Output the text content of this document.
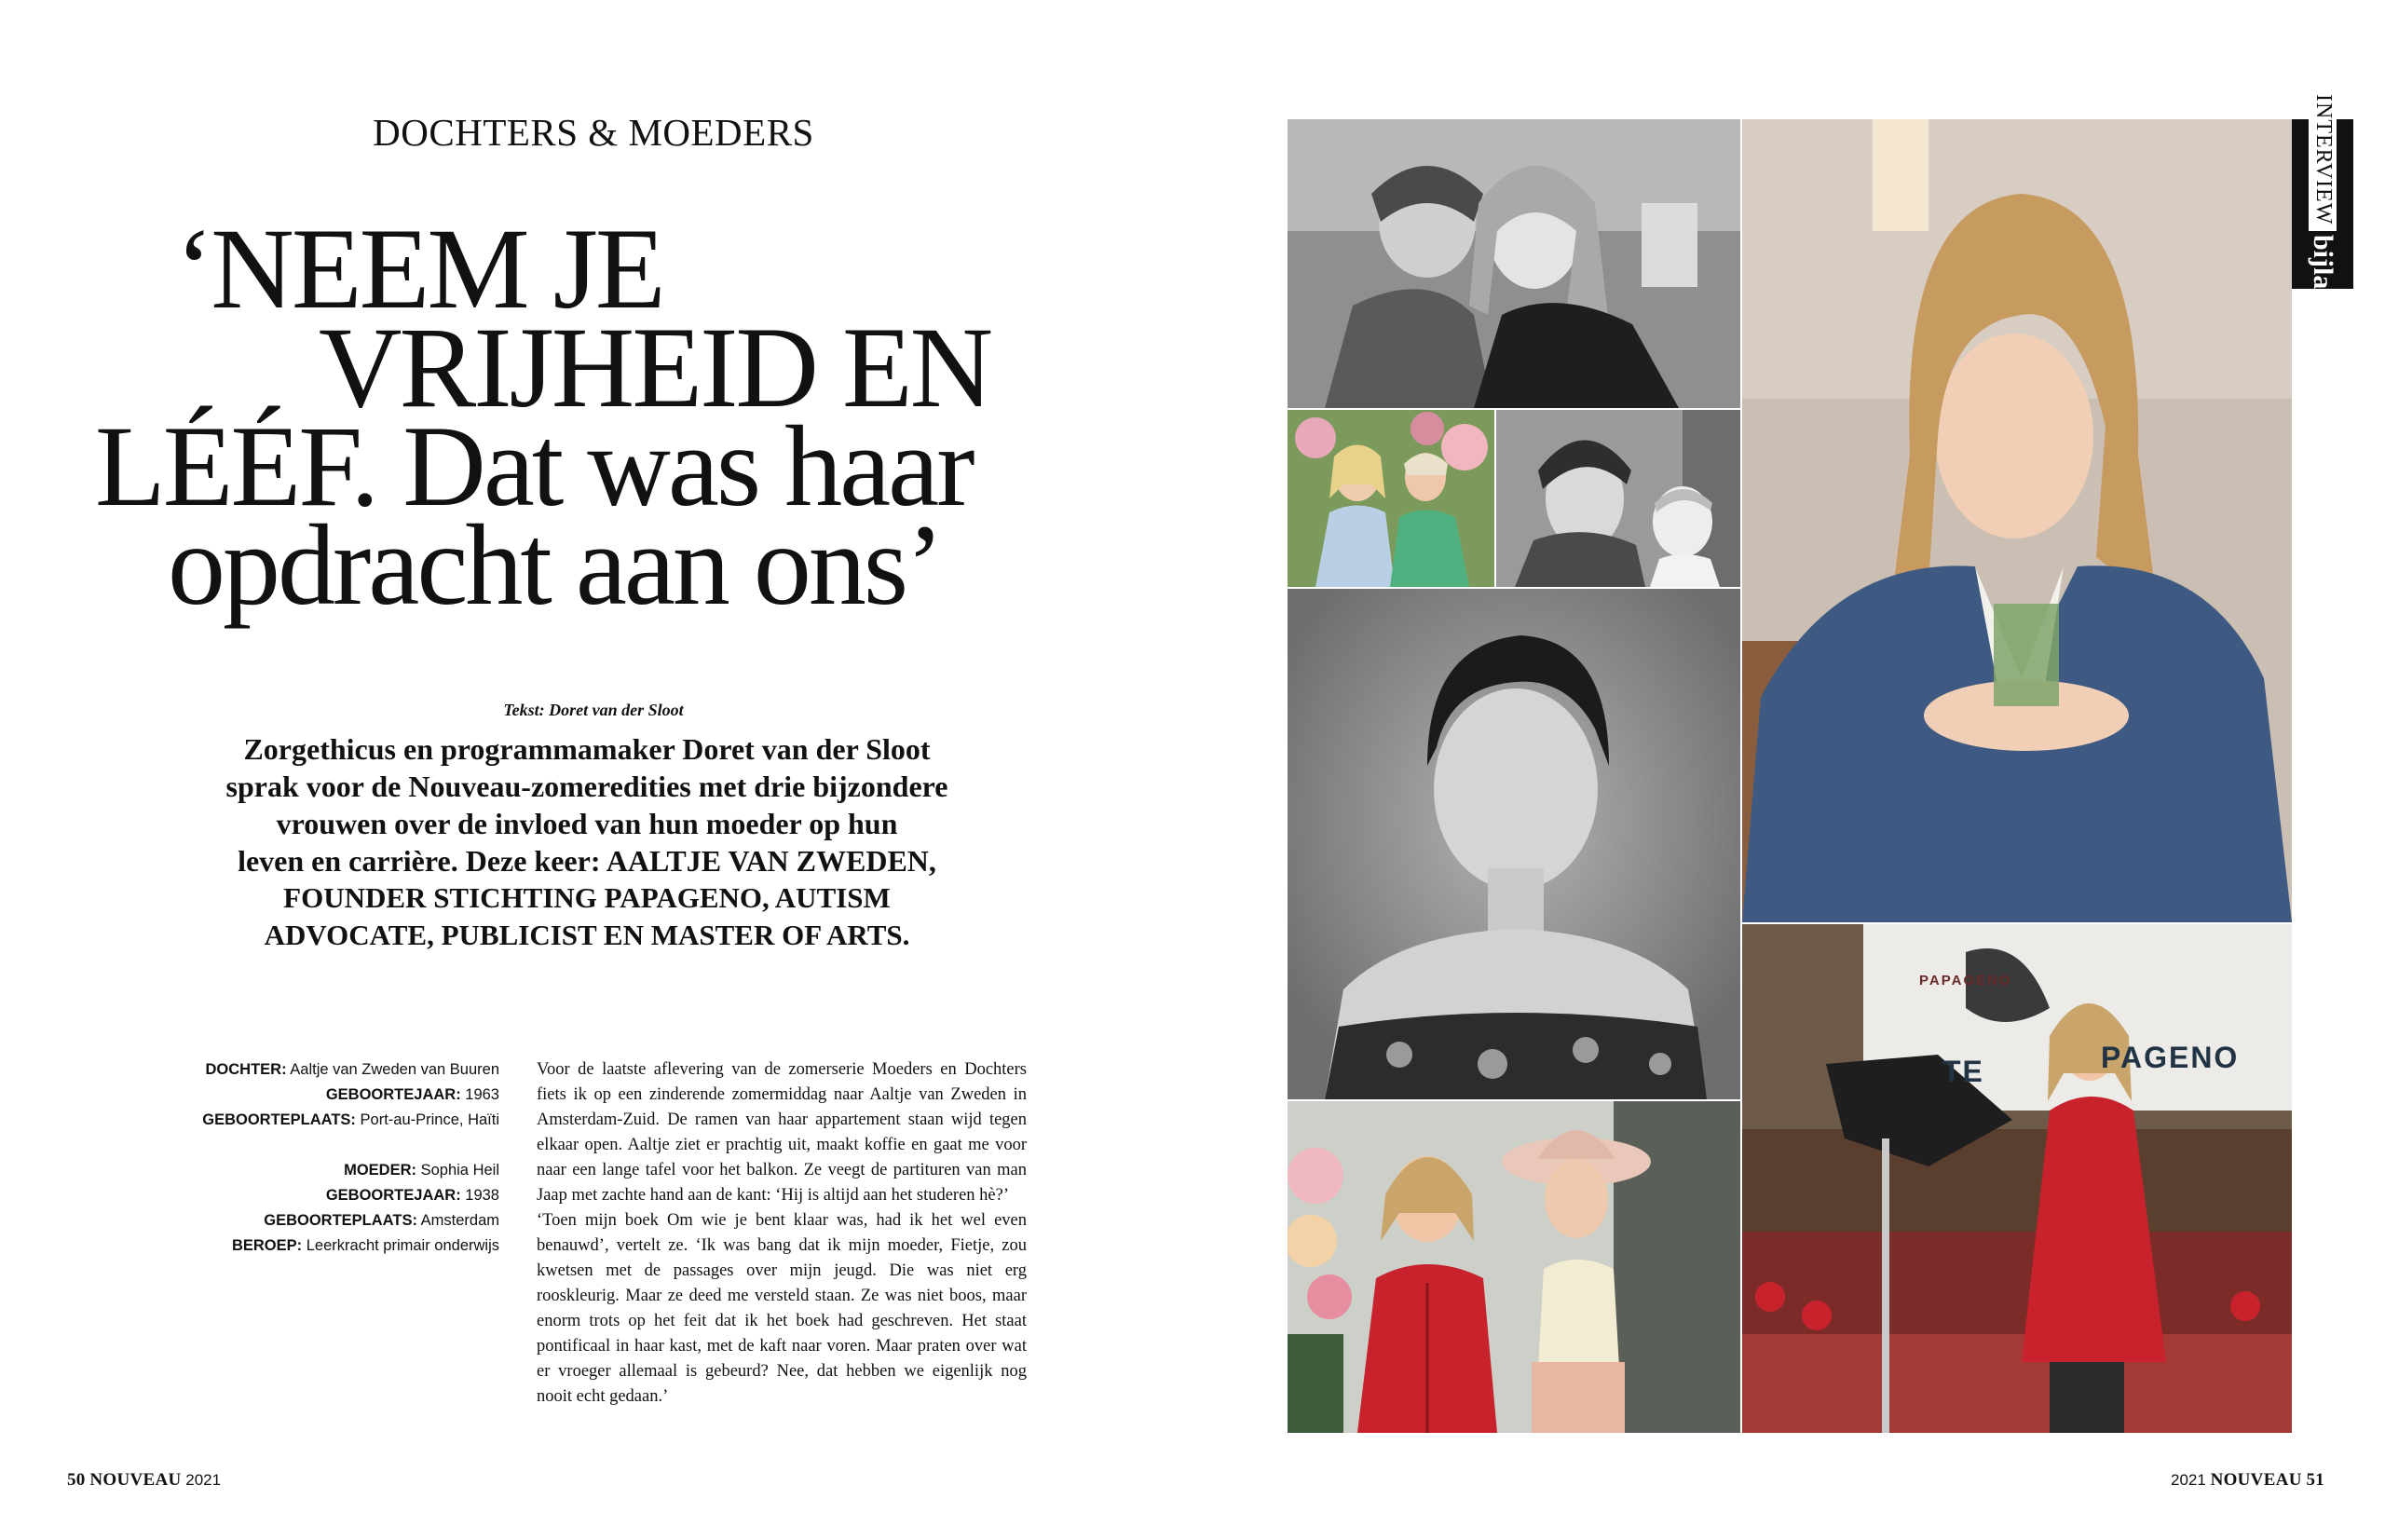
DOCHTERS & MOEDERS
‘NEEM JE
VRIJHEID EN
LÉÉF. Dat was haar
opdracht aan ons’
Tekst: Doret van der Sloot
Zorgethicus en programmamaker Doret van der Sloot
sprak voor de Nouveau-zomeredities met drie bijzondere
vrouwen over de invloed van hun moeder op hun
leven en carrière. Deze keer: AALTJE VAN ZWEDEN,
FOUNDER STICHTING PAPAGENO, AUTISM
ADVOCATE, PUBLICIST EN MASTER OF ARTS.
DOCHTER: Aaltje van Zweden van Buuren
GEBOORTEJAAR: 1963
GEBOORTEPLAATS: Port-au-Prince, Haïti
MOEDER: Sophia Heil
GEBOORTEJAAR: 1938
GEBOORTEPLAATS: Amsterdam
BEROEP: Leerkracht primair onderwijs

Voor de laatste aflevering van de zomerserie Moeders en Dochters fiets ik op een zinderende zomermiddag naar Aaltje van Zweden in Amsterdam-Zuid. De ramen van haar appartement staan wijd tegen elkaar open. Aaltje ziet er prachtig uit, maakt koffie en gaat me voor naar een lange tafel voor het balkon. Ze veegt de partituren van man Jaap met zachte hand aan de kant: ‘Hij is altijd aan het studeren hè?’

‘Toen mijn boek Om wie je bent klaar was, had ik het wel even benauwd’, vertelt ze. ‘Ik was bang dat ik mijn moeder, Fietje, zou kwetsen met de passages over mijn jeugd. Die was niet erg rooskleurig. Maar ze deed me versteld staan. Ze was niet boos, maar enorm trots op het feit dat ik het boek had geschreven. Het staat pontificaal in haar kast, met de kaft naar voren. Maar praten over wat er vroeger allemaal is gebeurd? Nee, dat hebben we eigenlijk nog nooit echt gedaan.’

50 NOUVEAU 2021
PAPAGENO
TE	PAGENO
INTERVIEW
bijlage
2021 NOUVEAU 51
